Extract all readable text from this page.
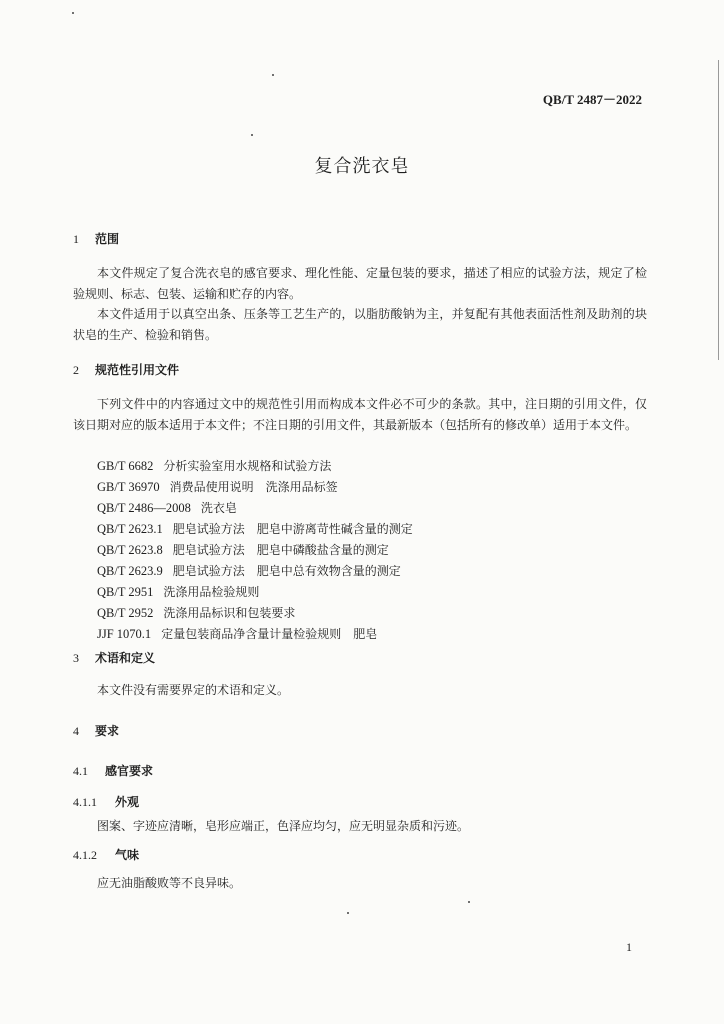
QB/T 2487－2022
复合洗衣皂
1 范围
本文件规定了复合洗衣皂的感官要求、理化性能、定量包装的要求，描述了相应的试验方法，规定了检验规则、标志、包装、运输和贮存的内容。
本文件适用于以真空出条、压条等工艺生产的，以脂肪酸钠为主，并复配有其他表面活性剂及助剂的块状皂的生产、检验和销售。
2 规范性引用文件
下列文件中的内容通过文中的规范性引用而构成本文件必不可少的条款。其中，注日期的引用文件，仅该日期对应的版本适用于本文件；不注日期的引用文件，其最新版本（包括所有的修改单）适用于本文件。
GB/T 6682 分析实验室用水规格和试验方法
GB/T 36970 消费品使用说明　洗涤用品标签
QB/T 2486—2008 洗衣皂
QB/T 2623.1 肥皂试验方法　肥皂中游离苛性碱含量的测定
QB/T 2623.8 肥皂试验方法　肥皂中磷酸盐含量的测定
QB/T 2623.9 肥皂试验方法　肥皂中总有效物含量的测定
QB/T 2951 洗涤用品检验规则
QB/T 2952 洗涤用品标识和包装要求
JJF 1070.1 定量包装商品净含量计量检验规则　肥皂
3 术语和定义
本文件没有需要界定的术语和定义。
4 要求
4.1 感官要求
4.1.1 外观
图案、字迹应清晰，皂形应端正，色泽应均匀，应无明显杂质和污迹。
4.1.2 气味
应无油脂酸败等不良异味。
1
